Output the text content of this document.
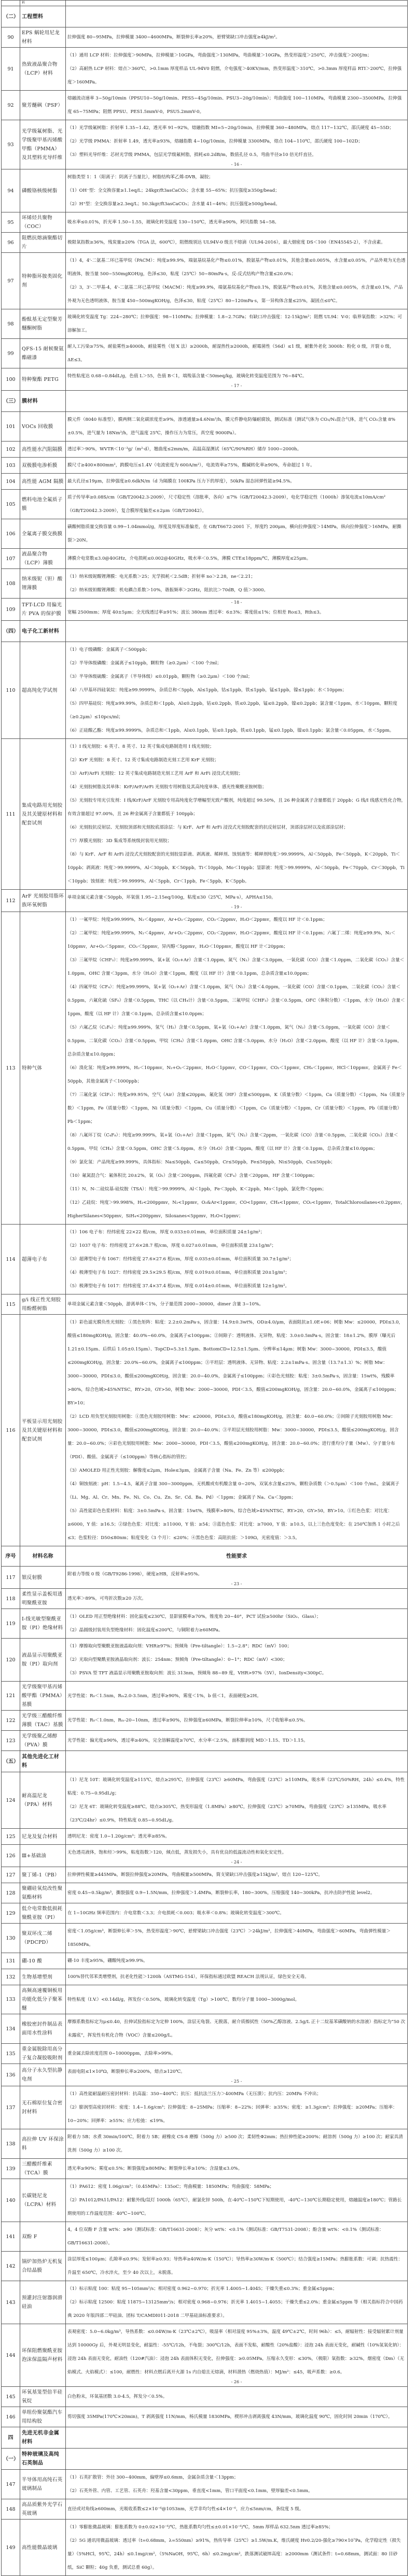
	料	
（二）	工程塑料	
90	EPS 蜗轮用尼龙材料	拉伸强度 80~95MPa，拉伸模量 3400~4600MPa，断裂伸长率≥20%，悬臂梁缺口冲击强度≥4kJ/m²。

91	热致液晶聚合物（LCP）材料	（1）通用 LCP 材料：拉伸强度＞90MPa，拉伸模量＞10GPa，弯曲强度＞130MPa，弯曲模量＞10GPa，热变形温度＞250℃，冲击强度＞200J/m；
（2）高耐热 LCP 材料：熔点＞360℃，>0.1mm 厚度样品 UL-94V0 阻燃，介电强度＞40KV/mm，热变形温度＞310℃，>0.3mm 厚度样品 RTI＞200℃，拉伸强度＞160MPa。

92	聚芳醚砜（PSF）	熔融流动速率 3~50g/10min（PPSU10~50g/10min、PES5~45g/10min、PSU3~20g/10min）；弯曲强度 100~110MPa，弯曲模量 2300~3500MPa，拉伸强度 65~75MPa；阻燃 PPSU、PES1.5mmV-0，PSU5.2mmV-0。

93	光学级氟树脂、光学级聚甲基丙烯酸甲酯（PMMA）及其塑料光导纤维	（1）光学级氟树脂：折射率 1.35~1.42，透光率 91~92%，熔融指数 MI=5~20g/10min，拉伸模量 360~480MPa，熔点 117~132℃，邵氏硬度 45~55D；
（2）光学级 PMMA：折射率 1.49，透光率≥93%，熔融指数 4~10g/10min，拉伸模量 3300MPa，熔点 104~110℃，邵氏硬度 100~102D；
（3）塑料光导纤维：芯材光学级 PMMA，包层光学级氟树脂，损耗≤0.2dB/m，数值孔径 0.5，弯曲半径≥10 倍光纤直径。
- 16 -

94	磷酸铬核级树脂	树脂类型 1：1（阳离子：阴离子当量比），树脂结构苯乙烯-DVB，凝胶；
（1）OH⁻型：全交换容量≥1.1eq/L；24kgr/ft3asCaCO₃；含水量 55~65%；抗压强度≥350g/bead；
（2）H⁺型：全交换容量≥2.3eq/L；50.3kgr/ft3asCaCO₃；含水量 41~46%；抗压强度≥500g/bead。

95	环烯烃共聚物（COC）	吸水率≤0.01%，折光率 1.50~1.55，玻璃化转变温度 130~150℃，透光率≥90%，阿贝指数 54~58。

96	阻燃抗熔滴聚酯切片	极限氧指数≥36%，残炭量≥20%（TGA 法，600℃），阻燃级别达 UL94V-0 级且不熔滴（UL94-2016），最大烟密度 DS＜100（EN45545-2），不含卤素。

97	特种脂环胺类固化剂	（1）4，4'-二氨基二环已基甲烷（PACM）：纯度≥99.9%，端氨基烷基化产物≤0.01%，脱氨基产物≤0.01%，其他含量≤0.005%，水含量≤0.05%，产品外观为无色透明液体，胺当量 500~550mgKOH/g，色泽≤30，粘度（25℃）50~80mPa·s，反-反式结构产物含量≤20.0%；
（2）3，3'-二甲基-4，4'-二氨基二环已基甲烷（MACM）：纯度≥99.9%，端氨基烷基化产物≤0.1%，脱氨基产物≤0.01%，其他含量≤0.005%，水含量≤0.1%，产品外观为无色透明液体，胺当量 450~500mgKOH/g，色泽≤30，粘度（25℃）80~120mPa·s，第一异构体含量≤25%，凝固点≤0℃。

98	酚酞基无定型聚芳醚酮树脂	玻璃化转变温度 Tg：224~280℃；拉伸强度：98~110MPa；拉伸模量：1.8~2.7GPa；有缺口冲击强度：12-15kJ/m²；阻燃 UL94：V-0；临界氧指数：>32%；可溶解加工。

99	QFS-15 耐候聚氨酯磁漆	耐人工污染≥75%，耐盐雾性≥4000h，耐盐雾性（划 X 法）≥2000h，耐湿热性≥2000h，耐霉菌性（56d）≤1 级，耐紫外老化 3000h：粉化 0 级，开裂 0 级，ΔE≤3。

100	特种聚酯 PETG	特性粘度达 0.68~0.84dL/g，色值 L＞55，色值 B＜1，端羧基含量＜50meq/kg，玻璃化转变温度范围为 76~84℃。
- 17 -

（三）	膜材料	
101	VOCs 回收膜	膜元件（8040 标准型），膜两侧二氧化碳浓度差≥9%，渗透通量≥4.6Nm³/h，膜元件静电防爆耐腐蚀，测试标准（测试气体为 CO₂/N₂混合气体，进气 CO₂含量 8%±0.5%，进气量为 18Nm³/h，进气温度 25℃，操作压力为常压，真空度 9000Pa）。

102	高性能水汽阻隔膜	透过率＞90%，WVTR＜10⁻³g/（m²·d），翘曲度≤2mm/m，高温高湿测试（65℃/90%RH）储存 1000~2000h。

103	双极膜电渗析膜	膜尺寸≥400×800mm²，跨膜电压≤1.4V（电流密度为 600A/m²），电流效率≥75%，酸碱转化率≥90%，寿命超过 1 年。

104	高性能 AGM 隔膜	最大孔径≤19μm，拉伸强度≥0.6dkN/m（d 为隔膜在 100KPa 压力下的厚度），50kPa 湿态回弹性能≥94.5%。

105	燃料电池全氟质子膜	质子传导率≥0.08S/cm（GB/T20042.3-2009），尺寸稳定性（溶胀率，各向）≤7%（GB/T20042.3-2009），电化学稳定性（1000h）渗氢电流≤10mA/cm²（GB/T20042.3-2009），复合膜厚度偏差≤±2μm（GB/T20042）。

106	全氟离子膜交换膜	磺酸树脂质量交换容量 0.99~1.04mmol/g，厚度及厚度标准偏差，在 GB/T6672-2001 下，厚度约 200μm，横向拉伸强度＞14MPa，纵向拉伸强度＞16MPa，耐撕裂＞20N。

107	液晶聚合物（LCP）薄膜	薄膜介电常数≤3.0@40GHz，介电损耗≤0.002@40GHz，吸水率＜0.5%，薄膜 CTE≤18ppm/℃，薄膜厚度≤25μm。

108	纳米级铌（钽）酸锂薄膜	（1）纳米级铌酸锂薄膜：电光系数＞25；光学损耗＜2.5dB；折射率 no＞2.28，ne＜2.21；
（2）纳米级钽酸锂薄膜：机电耦合系数＞10%，谐振频率＞2GHz，阻抗比＞70dB，Q 值＞3000。

109	TFT-LCD 用偏光片 PVA 的保护膜	- 18 -
宽幅 2500mm；厚度 40±5μm；全光线透过率≥91%；波长 380nm 透过率：6±3%；雾度值≤1%；位相差 Ro≤3，Rth≤3。

（四）	电子化工新材料	
110	超高纯化学试剂	
（1）电子级磷酸：金属离子＜500ppb；
（2）半导体级磷酸：金属离子≤10ppb，颗粒物（≥0.2μm）＜100 个/ml；
（3）半导体级硫酸：金属离子（半导体级）≤0.01ppb，颗粒物（≥0.2μm）＜100 个/ml；
（4）八甲基环四硅氧烷：纯度≥99.9999%，杂质总和＜5ppb，Al≤1ppb，钴≤1ppb，铁≤1ppb，锰≤1ppb，镍≤1ppb；水＜10ppm；
（5）四甲基硅烷：纯度≥99.99%，杂质总和＜1ppb，Al≤0.2ppb，钴≤0.2ppb，铁≤0.2ppb，锰≤0.2ppb，镍≤0.2ppb；氯含量＜1ppm，水＜10ppm，颗粒度（≥0.2μm）≤10pcs/ml；
（6）正硅酸乙酯：纯度≥99.9999%，杂质总和＜1ppb，Al≤0.1ppb，钴≤0.1ppb，铁≤0.1ppb，锰≤0.1ppb，镍≤0.1ppb；氯含量＜0.05ppm，水＜5ppm。

111	集成电路用光刻胶及其关键原材料和配套试剂	
（1）I 线光刻胶：6 英寸、8 英寸、12 英寸集成电路制造用 I 线光刻胶；
（2）KrF 光刻胶：8 英寸、12 英寸集成电路制造光刻工艺用 KrF 光刻胶；
（3）ArF/ArFi 光刻胶：12 英寸集成电路制造光刻工艺用 ArF 和 ArFi 浸没式光刻胶；
（4）光刻胶树脂及其单体：KrF/ArF/ArFi 光刻胶专用树脂及其高纯度单体、感光性聚酰亚胺树脂；
（5）光刻胶专用光引发剂：I 线/KrF/ArF 光刻胶专用高纯度化学增幅型光致产酸剂，纯度超过 99.50%，且 26 种金属离子含量都低于 20ppb；G 线/I 线感光性化合物，有效含量超过 97.00%，且 26 种金属离子含量都低于 100ppb；
（6）光刻胶抗反射层、光刻胶顶部和光刻胶底部涂层：与 KrF、ArF 和 ArFi 浸没式光刻胶配套的抗反射层材，顶部涂层材以及底部涂层材；
（7）厚膜光刻胶：3D 集成等系统级封装用光刻胶；
（8）与 KrF、ArF 和 ArFi 浸没式光刻胶配套的光刻胶显影液、剥离液、稀释剂、蚀刻液等：稀释剂纯度＞99.9999%，Al＜50ppb，Fe＜50ppb，K＜20ppb，Ti＜10ppb；剥离液：纯度＞99.9999%，Al＜30ppb，K＜50ppb，Ti＜10ppb，Mo＜10ppb；显影液：纯度＞99.9999%，Al＜50ppb，Fe＜70ppb，Cr＜30ppb，Ti＜10ppb；蚀刻液：纯度＞99.9999%，Al＜5ppb，Cr＜1ppb，Fe＜5ppb，K＜5ppb。

112	ArF 光刻胶用脂环族环氧树脂	单项金属元素含量＜50ppb，环氧值 1.95~2.15eq/100g，粘度≤30（25℃，MPa·s），APHA≤150。
- 19 -

113	特种气体	
（1）一氟甲烷：纯度≥99.999%，N₂＜4ppmv，Ar+O₂＜2ppmv，CO₂＜2ppmv，H₂O＜2ppmv，酸度以 HF 计＜0.1ppm；
（2）二氟甲烷：纯度≥99.999%，N₂＜4ppmv，Ar+O₂＜2ppmv，CO₂＜2ppmv，H₂O＜2ppmv，酸度以 HF 计＜0.1ppm；六氟丁二烯：纯度≥99.9%，N₂＜10ppmv，Ar+O₂＜5ppmv，CO₂＜5ppmv，异丙醇＜5ppmv，H₂O＜10ppmv，酸度以 HF 计＜20ppm；
（3）三氟甲烷（CHF₃）：纯度≥99.999%，氧+氩（O₂+Ar）含量＜1.0ppm，氮气（N₂）含量＜3.0ppm，一氧化碳（CO）含量＜1.0ppm，二氧化碳（CO₂）含量＜1.0ppm，OHC 含量＜3ppm，水分（H₂O）含量＜1ppm，酸度（以 HF 计）含量＜0.1ppm，总杂质含量≤10.0ppm；
（4）四氟甲烷（CF₄）：纯度≥99.999%，氧+氩（O₂+Ar）含量＜1.0ppm，氮气（N₂）含量＜4.0ppm，一氧化碳（CO）含量＜0.1ppm，二氧化碳（CO₂）含量＜0.5ppm，六氟化硫（SF₆）含量＜0.5ppm，THC（以 CH₄计）含量＜0.5ppm，三氟甲烷（CHF₃）含量＜0.5ppm，OFC（体积分数）＜1ppm，水分（H₂O）含量＜1ppm，酸度（以 HF 计）含量＜0.1ppm，总杂质含量≤10.0ppm；
（5）六氟乙烷（C₂F₆）：纯度≥99.999%，氢气（H₂）含量＜0.5ppm，氧+氩（O₂+Ar）含量＜1.0ppm，氮气（N₂）含量＜5.0ppm，一氧化碳（CO）含量＜0.5ppm，二氧化碳（CO₂）含量＜0.5ppm，甲烷（CH₄）含量＜1.0ppm，OHC 含量＜5.0ppm，水分（H₂O）含量＜2.0ppm，酸度（以 HF 计）含量＜0.1ppm，总杂质含量≤10.0ppm；
（6）溴化氢：纯度≥99.999%，H₂＜10ppmv，N₂+O₂＜2ppmv，H₂O＜1ppmv，CO＜1ppmv，CO₂＜1ppmv，CH₄＜1ppmv，HCl＜10ppmv，金属离子 Fe＜50ppb，其他金属离子＜1000ppb；
（7）三氟化氯（ClF₃）：纯度≥99.95%，空气（Air）含量≤20ppm，氟化氢（HF）含量≤500ppm，K（质量分数）＜1ppm，Ca（质量分数）＜1ppm，Na（质量分数）＜1ppm，Fe（质量分数）＜1ppm，Ni（质量分数）＜1ppm，Cu（质量分数）＜1ppm，Co（质量分数）＜1ppm，Cr（质量分数）＜1ppm，Pb（质量分数）Pb＜1ppm；
（8）八氟环丁烷（C₄F₈）：纯度≥99.999%，氧+氩（O₂+Ar）含量＜1ppm，氮气（N₂）含量＜2ppm，一氧化碳（CO）含量＜0.5ppm，二氧化碳（CO₂）含量＜0.5ppm，甲烷（CH₄）含量＜0.5ppm，OHC 含量＜5.0ppm，水分（H₂O）含量＜3ppm，酸度（以 HF 计）含量＜0.1ppm，总杂质含量≤10.0ppm；
（9）氯化氢：产品纯度≥99.999%，具体指标：Na≤50ppb，Ca≤50ppb，Cr≤50ppb，Fe≤50ppb，Ni≤50ppb，Cu≤50ppb；
（10）氟氮混合气：氟体积比 20±2%，氧（O₂）含量＜200ppm，四氟化碳（CF₄）含量＜20ppm，HF 含量＜100ppm；
（11）N，N-二硅烷基-硅烷胺（TSA）：纯度＞99.9999%，Al＜1ppb，Fe＜3ppb，K＜2ppb，Mo＜1ppb，氯化物＜5ppm；
（12）乙硅烷：纯度＞99.998%，H₂<200ppmv，N₂<1ppmv，O₂&Ar<1ppmv，CO<1ppmv，CH₄<1ppmv，CO₂<1ppmv，TotalChlorosilanes<0.2ppmv，HigherSilanes<50ppmv，SiH₄<200ppmv，Siloxanes<5ppmv，H₂O<1ppmv；

114	超薄电子布	（1）106 电子布：经纬密度 22×22 根/cm，厚度 0.033±0.01mm，单位面积质量 24±1g/m²；
（2）1037 电子布：经纬密度 27.6×28.7 根/cm，厚度 0.027±0.01mm，单位面积质量 23±1g/m²；
（3）超薄型电子布 1067：经纬密度 27.6×27.6 根/cm，厚度 0.035±0.01mm，单位面积质量 30.7±1g/m²；
（4）极薄型电子布 1027：经纬密度 29.5×29.5 根/cm，厚度 0.019±0.01mm，单位面积质量 20±1g/m²；
（5）极薄型电子布 1017：经纬密度 37.4×37.4 根/cm，厚度 0.014±0.01mm，单位面积质量 12±1g/m²。

115	g/i 线正性光刻胶用酚醛树脂	单项金属元素含量＜50ppb，游离单体＜1%，分子量范围 2000~30000，dimer 含量 3~10%。

116	平板显示用光刻胶及其关键原材料和配套试剂	（1）彩色滤光膜负性光刻胶：①黑色矩阵：粘度：2.2±0.2mPa·s，固含量：14.9±0.3wt%，OD≥4.0/μm，表面阻抗≥1.0E+06；树脂 Mw：≤20000，PDI≤3.0，酸值≤180mgKOH/g，固含量：40.0%~60.0%，金属离子≤100ppm；②间隙子：透明液体、无异物，粘度：3.0±0.5mPa·s，固含量：18±1.2%，膜厚（曝光后 1.21±0.15μm、后烘后 1.05±0.15μm）、TopCD=5.3±1.5μm、BottomCD=12.5±1.5μm、分辨率≤14μm；树脂 Mw：3000~30000，PDI≤3.5，酸值≤200mgKOH/g，固含量：20.0%~60.0%，金属离子≤100ppm；③平坦层：透明液体、无异物、粘度：2.2±1mPa·s、固含量（13.7±1.3）%；树脂 Mw：3000~30000，PDI≤3.0，酸值≤200mgKOH/g，固含量：20.0~40.0%，金属离子≤100ppm；④彩色光刻胶：粘度：3±0.5mPa·s，固含量：15wt%，残膜率>80%，综合色域>45%NTSC，RY>20，GY>50，树脂 Mw：2000~30000，PDI＜3.5，酸值≤200mgKOH/g，固含量：20.0~60.0%，金属离子≤100ppm；BY>10；
（2）LCD 用负型光刻胶用树脂：①黑色光刻胶用树脂：Mw：≤20000，PDI≤3.0，酸值≤180mgKOH/g，固含量：40.0~60.0%；②间隙子光刻胶用树脂 Mw：3000~30000，PDI≤3.0，酸值≤200mgKOH/g，固含量：20.0~40.0%；③平坦层光刻胶用树脂：Mw：3000~30000，PDI≤3.5，酸值≤200mgKOH/g，固含量：20.0~60.0%；④彩色光刻胶用树脂：Mw：2000~30000，PDI＜3.5，酸值≤200mgKOH/g，固含量：20.0~60.0%；进行重均分子量（Mw）、分子量分布（PDI）、酸值、金属离子（≤100ppm）等核心指标的管控；
（3）AMOLED 用正性光刻胶：解像度≤2μm，Hole≤3μm，金属离子含量（Na、Fe、Zn 等）≤200ppb；
（4）铜蚀刻液：pH：1.5~4.5，氟离子含量 300~3000ppm，无机酸或有机酸含量 0~20%，双氧水含量≤25%，颗粒杂质数（＞0.5μm）＜100 个/mL，金属离子（Li、Mg、Al、Cr、Mn、Fe、Ni、Co、Cu、Zn、Sr、Cd、Ba、Pd）＜1ppm；金属离子 Na、Ca＜3ppm；
（5）高性能彩色色浆材料：粘度：3±0.5mPa·s，固含量：15wt%，残膜率>80%，综合色域>45%NTSC，RY>20，GY>50，BY>10。①红色色浆：对比度：≥6000，Y 值：≥16.5；②绿色色浆：对比度：≥11000，Y 值：≥54；③蓝色色浆：对比度：≥7000，Y 值：≥10.5，以上三色色度变化：在 250℃加热 1 小时之后≤3；色浆粒径：D50≤80nm；粘度变化（3 个月）：≤20%；④黑色色浆：高阻抗值：＞109Ω，光密度值：＞3.5。

序号	材料名称	性能要求
117	银反射膜	附着力等级 0 级（GB/T9286-1998），硬度≥HB，反射率≥95%。
- 23 -

118	柔性显示盖板用透明聚酰亚胺	透光率＞89%，可弯折次数≥20 万次。

119	I-线光敏型聚酰亚胺（PI）绝缘材料	（1）OLED 用正型绝缘材料：固化温度≤230℃，显影留膜率≥70%，锥度角 20~40°，PCT 试验≥500hr（SiO₂、Glass）；
（2）晶圆级封装用负型绝缘材料：固化温度≤200℃，与铜附着力≥60MPa。

120	液晶显示用聚酰亚胺（PI）取向剂	（1）摩擦取向型聚酰亚胺液晶取向剂：VHR≥97%；预倾角（Pre-tiltangle）：1.5~2.8°；RDC（mV）100；
（2）光取向型聚酰亚胺液晶取向剂：波长：254nm；预倾角（Pre-tiltangle）：0~1°；RDC（mV）<300；
（3）PSVA 型 TFT 液晶显示用聚酰亚胺取向剂：波长 313nm，预倾角 88~89 度，VHR>97%（5V），IonDensity<300pC。

121	光学级聚甲基丙烯酸甲酯（PMMA）基膜	光学性能：R₀＜1.5nm，Rₜₕ2.0-3.5nm，透过率≥90%，雾度＜1%，b 值＜1，表面硬度≥2H。

122	光学级三醋酸纤维薄膜（TAC）基膜	光学性能：R₀＜1.0nm，Rₜₕ-20~10nm，透过率≥90%，拉伸强度≥60MPa，断裂拉伸率≥10%，尺寸收缩率≤0.5%。

123	光学级聚乙烯醇（PVA）膜	光学性能：偏光度≥90%，透过率≥40%，完全溶解温度≥70℃，水分率＜2.5%，面积膨润度 MD＞1.15、TD＞1.15。

（五）	其他先进化工材料	
124	耐高温尼龙（PPA）材料	（1）尼龙 10T：玻璃化转变温度≥115℃，熔点≥295℃，拉伸强度（23℃）≥60MPa，弯曲强度（23℃）≥110MPa，吸水率（23℃/50%RH，24h）≤0.4%，特性粘度：0.75~0.95dL/g；
（2）尼龙 6T：玻璃化转变温度≥88℃，熔点≥305℃，热变形温度（1.8MPa）≥80℃，拉伸强度（23℃）≥70MPa，弯曲强度（23℃）≥135MPa，吸水率（23℃/24hr）≤0.9%，特性粘度 0.85~0.95dL/g。

125	尼龙及复合材料	透明尼龙：密度 1.0~1.20g/cm³；透光率≥85%。

126	Ⅲ+基础油	无色透亮液体，饱和烃＞99%，粘度指数＞120，倾点低，蒸发损失小，具有优良的低温流动性和氧化安定性。
- 24 -

127	聚丁烯-1（PB）	拉伸弹性模量≥445MPa，断裂拉伸强度≥20MPa，弯曲模量≥500MPa，简支梁缺口冲击强度≥15kJ/m²，熔点 120~125℃。

128	聚硼硅氧烷改性聚氨酯材料	密度 0.45~0.5kg/m³，撕裂强度 0.9~1.5N/mm，拉伸强度＞1.4MPa，断裂伸长率，180~300%，压缩强度 140~300kPa，抗冲击防护性能 level2。

129	低介电常数低损耗聚酰亚胺（PI）	在 1~10GHz 频率范围内：介电常数＜3.3；介电损耗＜0.003；吸水率＜0.8%；玻璃化转变温度＞300℃。

130	聚双环戊二烯（PDCPD）	密度＜1.05g/cm³，断裂伸长率＞5%，热变形温度＞90℃，悬臂梁缺口冲击强度（23℃）＞24kJ/m²，拉伸强度＞40MPa，弯曲强度＞60MPa，弯曲弹性模量＞1850MPa。

131	硼-10 酸	硼-10 丰度≥95%，硼酸纯度≥99.9%。

132	生物基增塑剂	100%替代邻苯类增塑剂，抗老化性能＞1200h（ASTMG-154），环保指标通过欧盟 REACH 法规认证，绿色安全无毒。

133	高频高速覆铜板用功能化低分子聚苯醚	特性粘度（I.V.）<0.14dl/g，挥发份＜0.50%，玻璃化转变温度（Tg）>100℃，数均分子量 1000~3000g/mol。

134	橡胶密封件制品表面用水性涂料	摩擦系数指标定为μ≤0.40，拉伸试验指标定为定伸 100%，涂层无龟裂、无脱落，耐介质擦拭性（50%乙醇溶液、2.5g/L 正十二烷基苯磺酸钠的水溶液）指标定为“50 次未露底”，挥发性有机化合物（VOC）含量≤200g/L。

135	重金属脱除用高分子复合凝胶吸附剂	重金属去除浓度范围 0~10000ppm，去除率>99%。

136	高分子永久型抗静电剂	表面电阻≤1×10⁸Ω，断裂伸长率≥200%，熔点≥120℃。
- 25 -

137	无石棉原位复合密封材料	（1）高性能耐温耐压密封材料：抗高温：350~400℃；抗压：抵抗法兰压力＞400MPa（无压溃）；抗内压：20MPa 不冲出；
（2）膨润型高密封材料：密度：1.4~1.6g/cm³；拉伸强度：8~25MPa；压缩率：8~22%；回弹率：≥35%；密度：≥1.3g/cm³；拉伸强度：≥20MPa；压缩率：10~20%；回弹率：≥55%；应力松弛：≤19%。

138	高拉伸 UV 环保涂料	附着力 5B；水煮 30min/100℃，附着力 5B；耐橡皮 CS-8 磨擦（500g 力）≥500 次；柔韧性Φ2mm；热拉伸性能≥200%；耐溶剂（500g 力）≥100 次；耐家具清洗剂（500g 力）≥100 次。

139	三醋酸纤维素（TCA）膜	透光率≥90%；雾度≤0.5%；断裂强度≥80MPa；断裂伸长率≥10%；含湿量≤3.0%。

140	长碳链尼龙（LCPA）材料	（1）PA612：密度 1.06g/cm³；（0.45MPa）：135oC；弯曲模量：1850MPa；弯曲强度：58MPa；
（2）PA1012/PA11/PA12：耐紫外线/氙灯 1000h（65℃），耐氯化锌 500h，在-40℃~150℃下短期使用，-40℃~130℃长期稳定使用，熔融温度≥180℃；管路长期使用的工作温度范围：40℃~100℃。

141	双酚 F	4，4 位双酚 F 含量 wt%：≥90（测试标准：GB/T16631-2008）；灰分 wt%：<0.1%（测试标准：GB/T7531-2008）；酚含量 wt%：<0.1%（测试标准：GB/T16631-2008）。

142	锅炉加热炉无机复合结晶膜	涂层厚度≤100μm；孔隙率≤0.9%；发射率≥0.93；导热率≥40W/m·K（150℃）；导热率≥30W/m·K（500℃）；结合强度≥15MPa；热膨胀系数：可调；抗热震性：升温至 650℃，冷水淬火，至少 40 次以上，未脱落。

143	预灌封注射器润滑硅油	（1）标示粘度 100：粘度 95~105mm²/s；相对密度 0.962~0.970；折光率 1.4005~1.4045；干燥失重≤0.3%；重金属≤5ppm；
（2）标示粘度 12500：粘度 11875~13125mm²/s；相对密度 0.968~0.976；折光率 1.4015~1.4055；干燥失重≤2.0%；重金属≤5ppm 等（相关指标符合中国药典 2020 年版四部二甲硅油、团标 T/CAMDI011-2018 二甲基硅油标准要求）。

144	环保阻燃聚酰亚胺泡沫保温隔声材料	表观密度：5.0~6.0kg/m³，导热系数：≤0.04W/m·K（23℃±2℃），吸湿率（相对湿度 95%±3%，温度 49℃±2℃，时间 96h）：≤5，耐辐射性：接受辐射累计剂量达到 10000Gy 后，外观无明显变化，耐温性：-55℃/12h，不龟裂；300℃/12h，表面不发粘，耐酸性（20%盐酸）：浸泡 24h 表面无变化，耐碱性（10%氢氧化钠）：浸泡 24h 表面无变化，耐油性（120#汽油）：浸泡 24h 表面体积无变化，拉伸强度：≥0.05MPa，压缩永久变形：≤30%，（极限）氧指数：≥32%，烟密度（Dm）（无焰模式、火焰模式）：≤100，耐燃性：材料点燃后离开火源 1s 内自熄且无熔滴，材料潜热（燃烧热值）：MJ/m²：≤45，吸声系数：≥0.6。
- 26 -

145	环氧基笼型倍半硅氧烷	白色粉末，环氧基团数 3.0-4.5，挥发分＜0.5%。

146	单组份聚氨酯汽车用结构胶	剪切强度 35MPa(170℃×20min)，T 剥离强度 11N/mm，杨氏模量 1830MPa，楔形冲击剥离强度 43N/mm，玻璃化温度 90℃，固化时间 20min（170℃）。

四	先进无机非金属材料	
（一）	特种玻璃及高纯石英制品	
147	半导体用高纯石英玻璃制品	（1）石英扩散管：外径 300~400mm，偏壁厚≤0.6mm，金属杂质含量＜13ppm；
（2）石英外管、内管、工艺管、石英舟：羟基含量<30ppm，垂直度<1mm，管口平面度<0.1mm，壁厚偏差<0.5mm。

148	高品质紫外光学石英玻璃	直径或对角线≥600mm，光吸收系数≤2×10⁻⁶@1053nm，光学非均匀性≤4×10⁻⁶，应力≤5nm/cm，条纹度 5 级。

149	高性能微晶玻璃	（1）零膨胀微晶玻璃：膨胀系数为 0±0.02×10⁻⁶/℃，热胀系数均匀性≤±0.01×10⁻⁶/℃，5mm 厚样品 632.5nm 透过率≥85%；
（2）5G 通讯用微晶玻璃：透过率（t=0.68mm，λ=550nm）≥91%，热传导率（25℃）≥1.5W/m.K，维氏硬度 Hv0.2/20-强化≥790×10⁷Pa，化学稳定性（损失量）（5%HCl，95℃，24h）≤0.1mg/cm²，（5%NaOH，95℃，6h）≤0.2mg/cm²，跌落测试破摔高度：≥2000mm（测试条件：t=0.68mm，测试面：80 目砂纸，SiC 颗粒；40g 负重，测试总重 60g）。
